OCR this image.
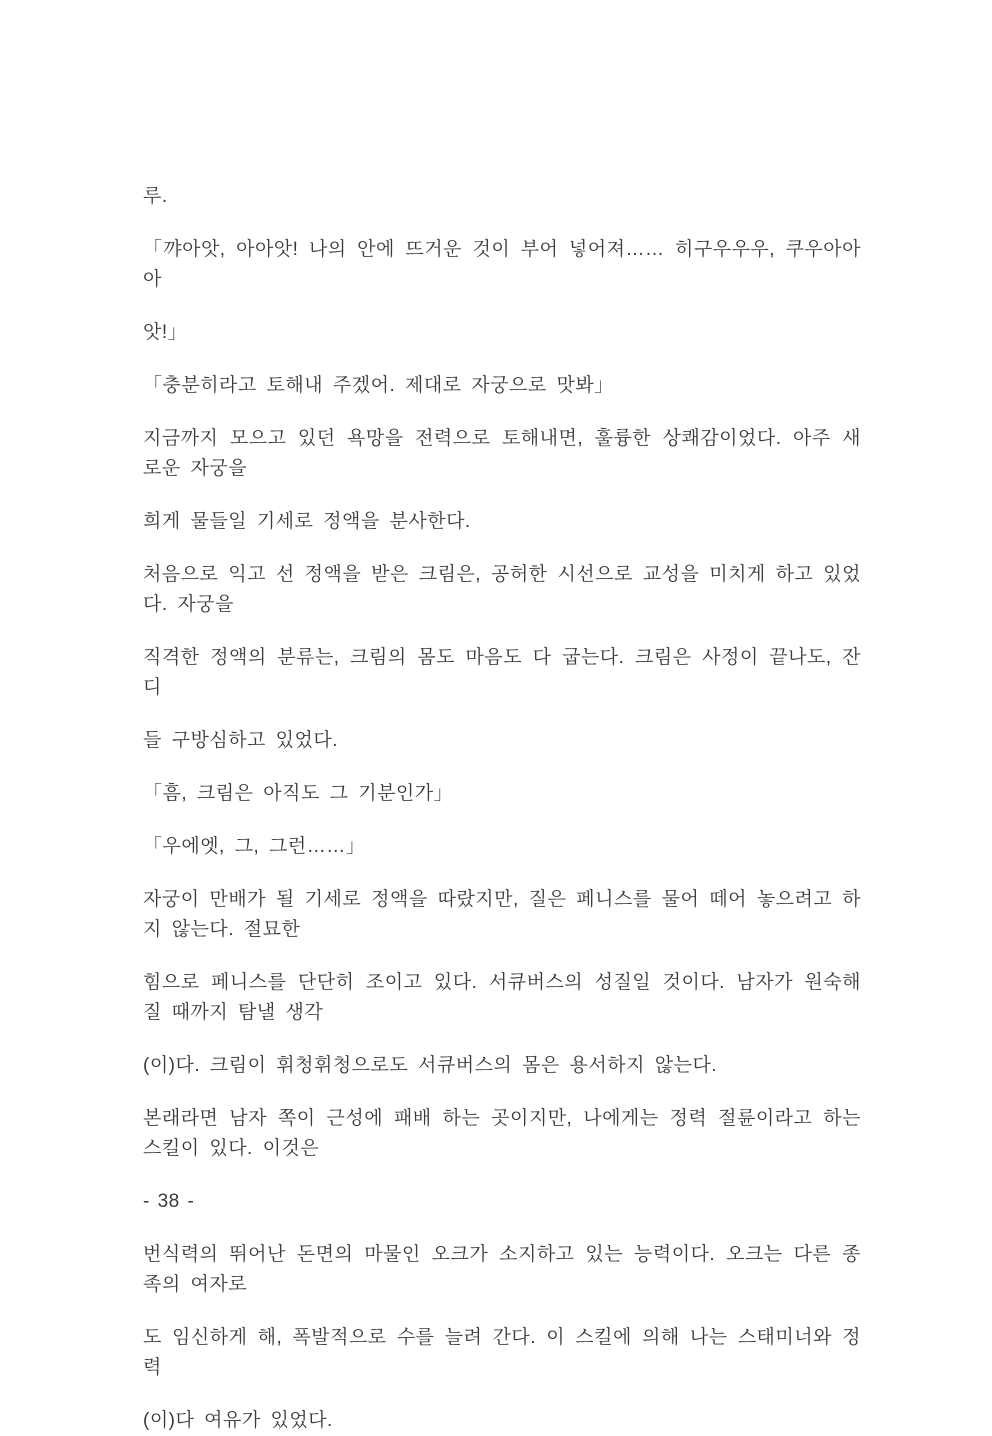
루.

「꺄아앗, 아아앗! 나의 안에 뜨거운 것이 부어 넣어져…… 히구우우우, 쿠우아아아

앗!」

「충분히라고 토해내 주겠어. 제대로 자궁으로 맛봐」

지금까지 모으고 있던 욕망을 전력으로 토해내면, 훌륭한 상쾌감이었다. 아주 새로운 자궁을

희게 물들일 기세로 정액을 분사한다.

처음으로 익고 선 정액을 받은 크림은, 공허한 시선으로 교성을 미치게 하고 있었다. 자궁을

직격한 정액의 분류는, 크림의 몸도 마음도 다 굽는다. 크림은 사정이 끝나도, 잔디

들 구방심하고 있었다.

「흠, 크림은 아직도 그 기분인가」

「우에엣, 그, 그런……」

자궁이 만배가 될 기세로 정액을 따랐지만, 질은 페니스를 물어 떼어 놓으려고 하지 않는다. 절묘한

힘으로 페니스를 단단히 조이고 있다. 서큐버스의 성질일 것이다. 남자가 원숙해질 때까지 탐낼 생각

(이)다. 크림이 휘청휘청으로도 서큐버스의 몸은 용서하지 않는다.

본래라면 남자 쪽이 근성에 패배 하는 곳이지만, 나에게는 정력 절륜이라고 하는 스킬이 있다. 이것은

- 38 -

번식력의 뛰어난 돈면의 마물인 오크가 소지하고 있는 능력이다. 오크는 다른 종족의 여자로

도 임신하게 해, 폭발적으로 수를 늘려 간다. 이 스킬에 의해 나는 스태미너와 정력

(이)다 여유가 있었다.
